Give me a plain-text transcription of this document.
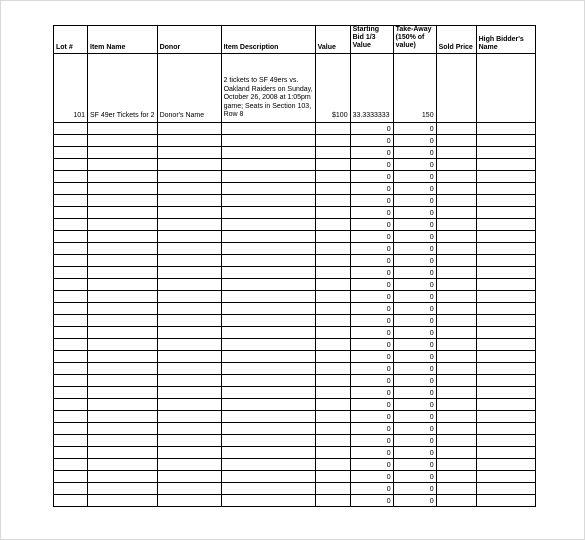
Lot #	Item Name	Donor	Item Description	Value	Starting Bid 1/3 Value	Take-Away (150% of value)	Sold Price	High Bidder's Name
101	SF 49er Tickets for 2	Donor's Name	2 tickets to SF 49ers vs. Oakland Raiders on Sunday, October 26, 2008 at 1:05pm game; Seats in Section 103, Row 8	$100	33.3333333	150		
					0	0		
					0	0		
					0	0		
					0	0		
					0	0		
					0	0		
					0	0		
					0	0		
					0	0		
					0	0		
					0	0		
					0	0		
					0	0		
					0	0		
					0	0		
					0	0		
					0	0		
					0	0		
					0	0		
					0	0		
					0	0		
					0	0		
					0	0		
					0	0		
					0	0		
					0	0		
					0	0		
					0	0		
					0	0		
					0	0		
					0	0		
					0	0		
